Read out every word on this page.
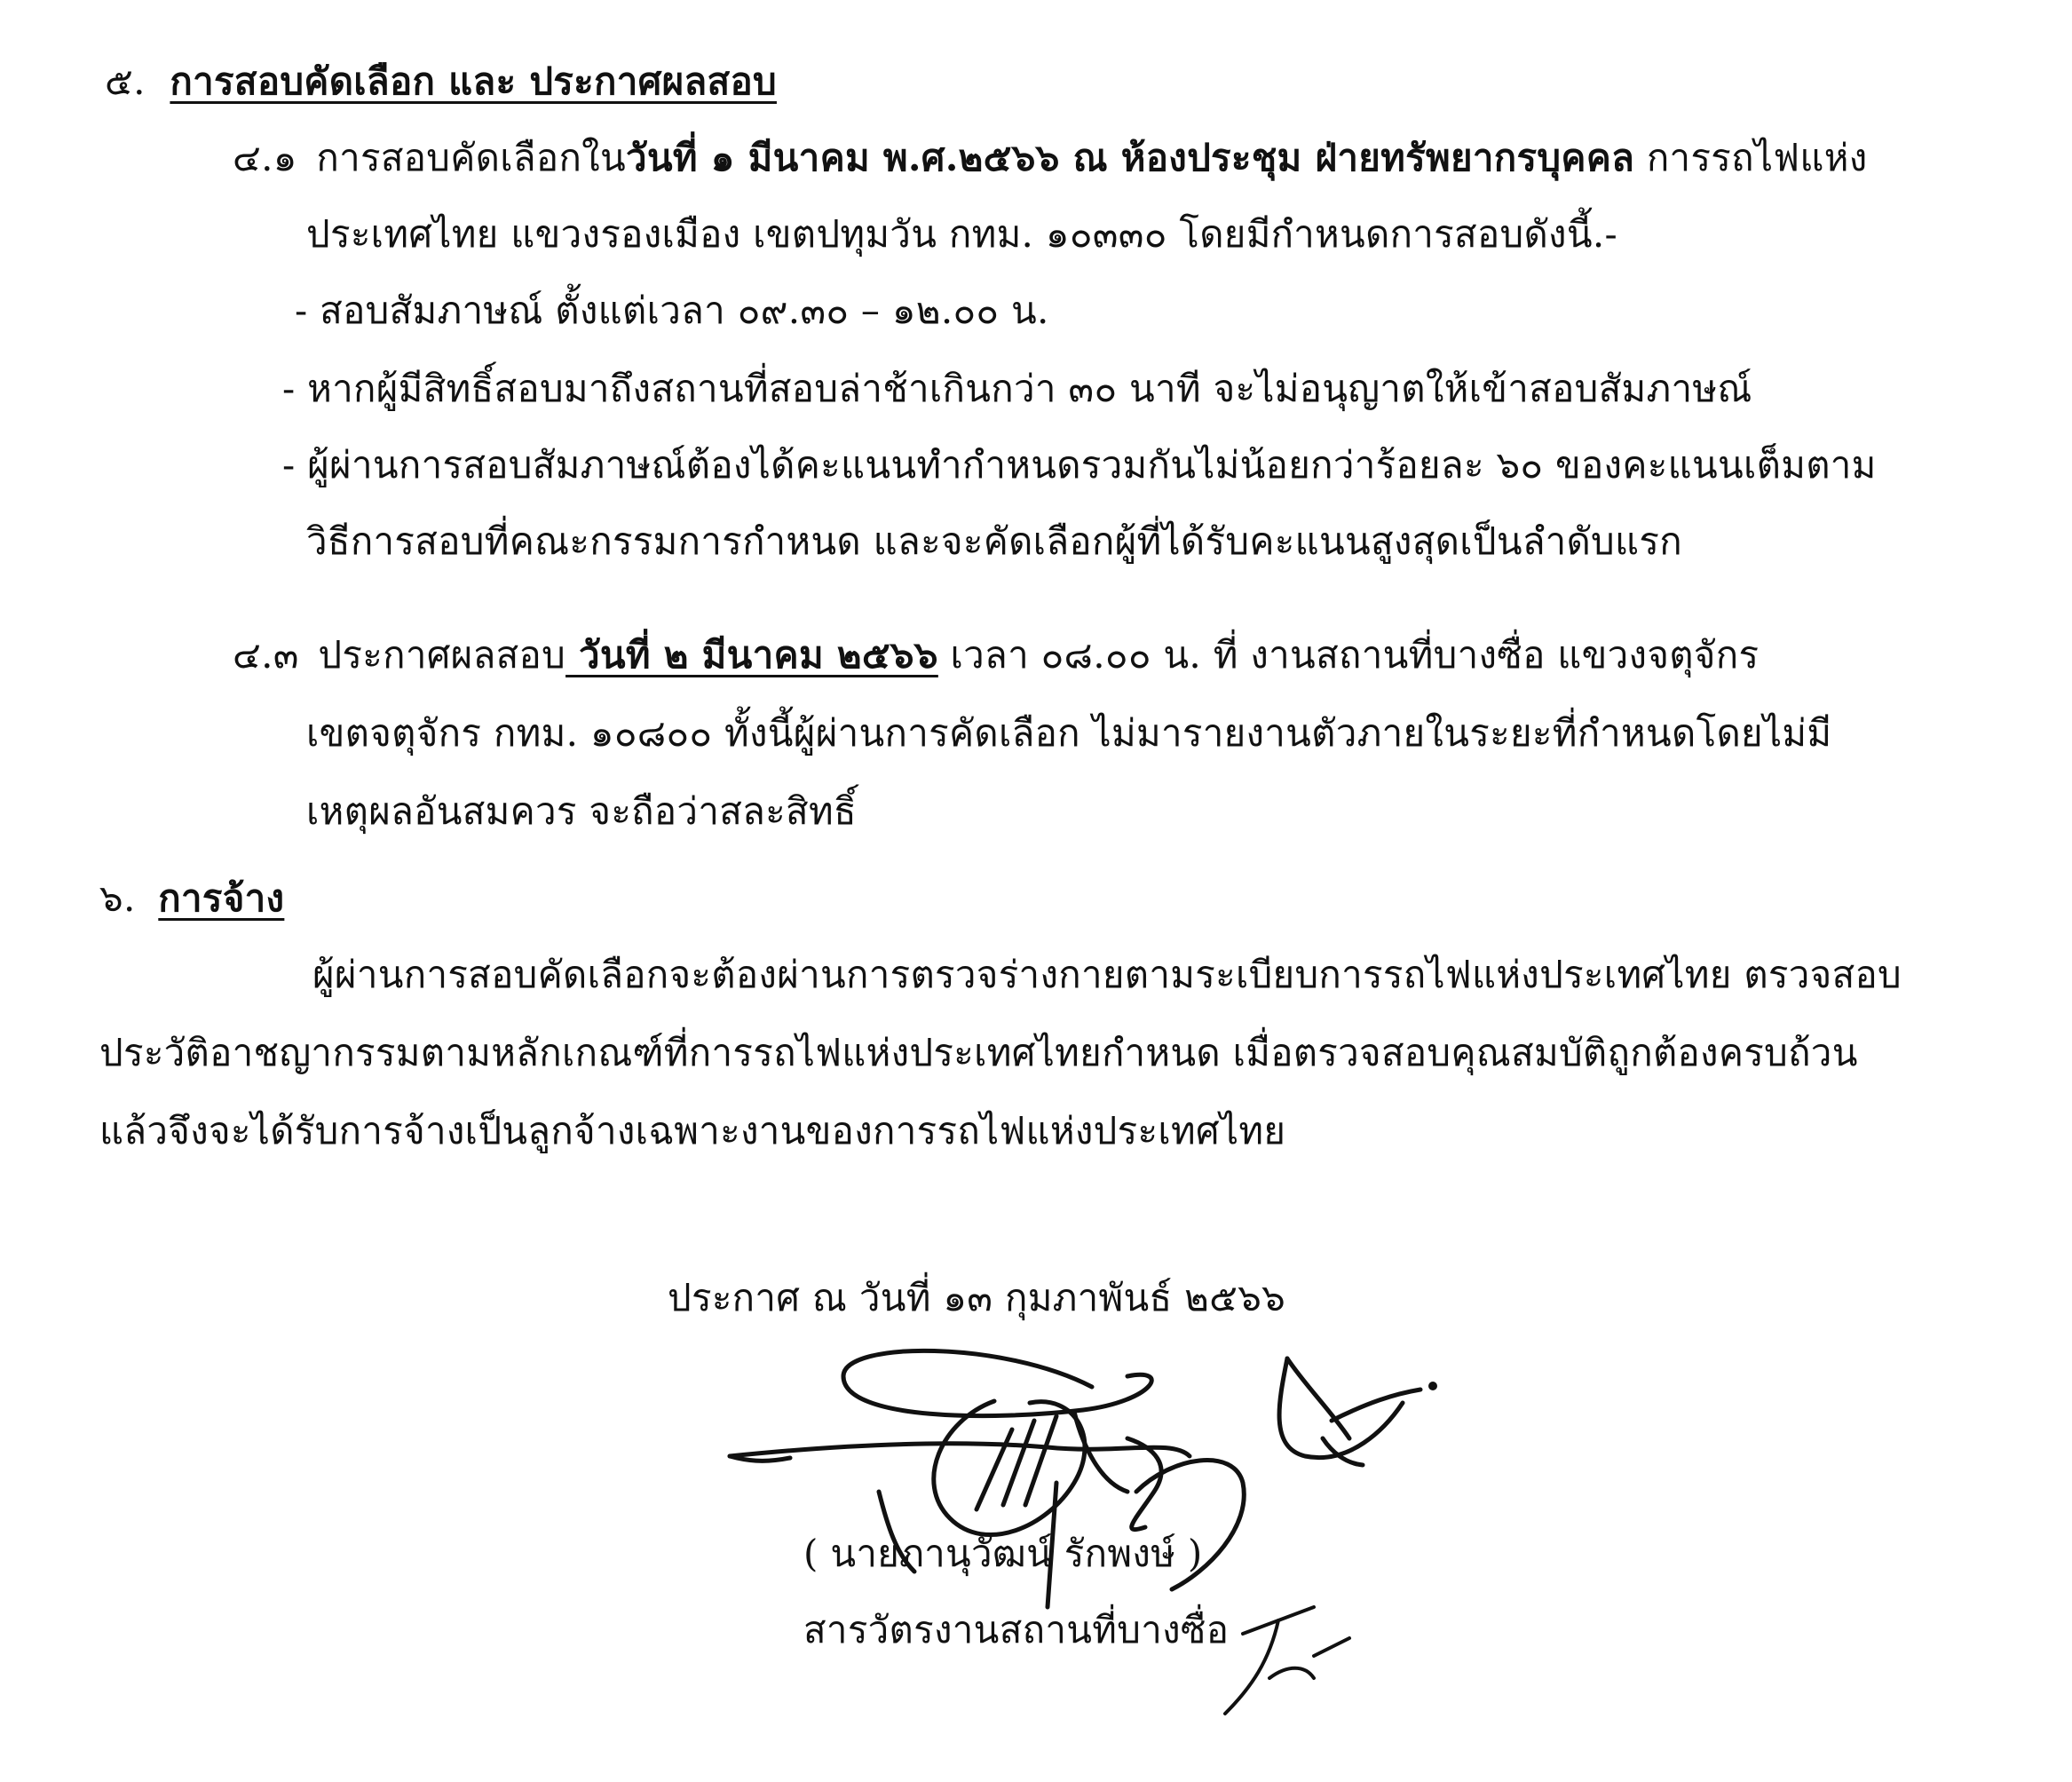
๕. การสอบคัดเลือก และ ประกาศผลสอบ
๔.๑ การสอบคัดเลือกในวันที่ ๑ มีนาคม พ.ศ.๒๕๖๖ ณ ห้องประชุม ฝ่ายทรัพยากรบุคคล การรถไฟแห่ง
ประเทศไทย แขวงรองเมือง เขตปทุมวัน กทม. ๑๐๓๓๐ โดยมีกำหนดการสอบดังนี้.-
- สอบสัมภาษณ์ ตั้งแต่เวลา ๐๙.๓๐ – ๑๒.๐๐ น.
- หากผู้มีสิทธิ์สอบมาถึงสถานที่สอบล่าช้าเกินกว่า ๓๐ นาที จะไม่อนุญาตให้เข้าสอบสัมภาษณ์
- ผู้ผ่านการสอบสัมภาษณ์ต้องได้คะแนนทำกำหนดรวมกันไม่น้อยกว่าร้อยละ ๖๐ ของคะแนนเต็มตาม
วิธีการสอบที่คณะกรรมการกำหนด และจะคัดเลือกผู้ที่ได้รับคะแนนสูงสุดเป็นลำดับแรก
๔.๓ ประกาศผลสอบ วันที่ ๒ มีนาคม ๒๕๖๖ เวลา ๐๘.๐๐ น. ที่ งานสถานที่บางซื่อ แขวงจตุจักร
เขตจตุจักร กทม. ๑๐๘๐๐ ทั้งนี้ผู้ผ่านการคัดเลือก ไม่มารายงานตัวภายในระยะที่กำหนดโดยไม่มี
เหตุผลอันสมควร จะถือว่าสละสิทธิ์
๖. การจ้าง
ผู้ผ่านการสอบคัดเลือกจะต้องผ่านการตรวจร่างกายตามระเบียบการรถไฟแห่งประเทศไทย ตรวจสอบ
ประวัติอาชญากรรมตามหลักเกณฑ์ที่การรถไฟแห่งประเทศไทยกำหนด เมื่อตรวจสอบคุณสมบัติถูกต้องครบถ้วน
แล้วจึงจะได้รับการจ้างเป็นลูกจ้างเฉพาะงานของการรถไฟแห่งประเทศไทย
ประกาศ ณ วันที่ ๑๓ กุมภาพันธ์ ๒๕๖๖
( นายภานุวัฒน์ รักพงษ์ )
สารวัตรงานสถานที่บางซื่อ
